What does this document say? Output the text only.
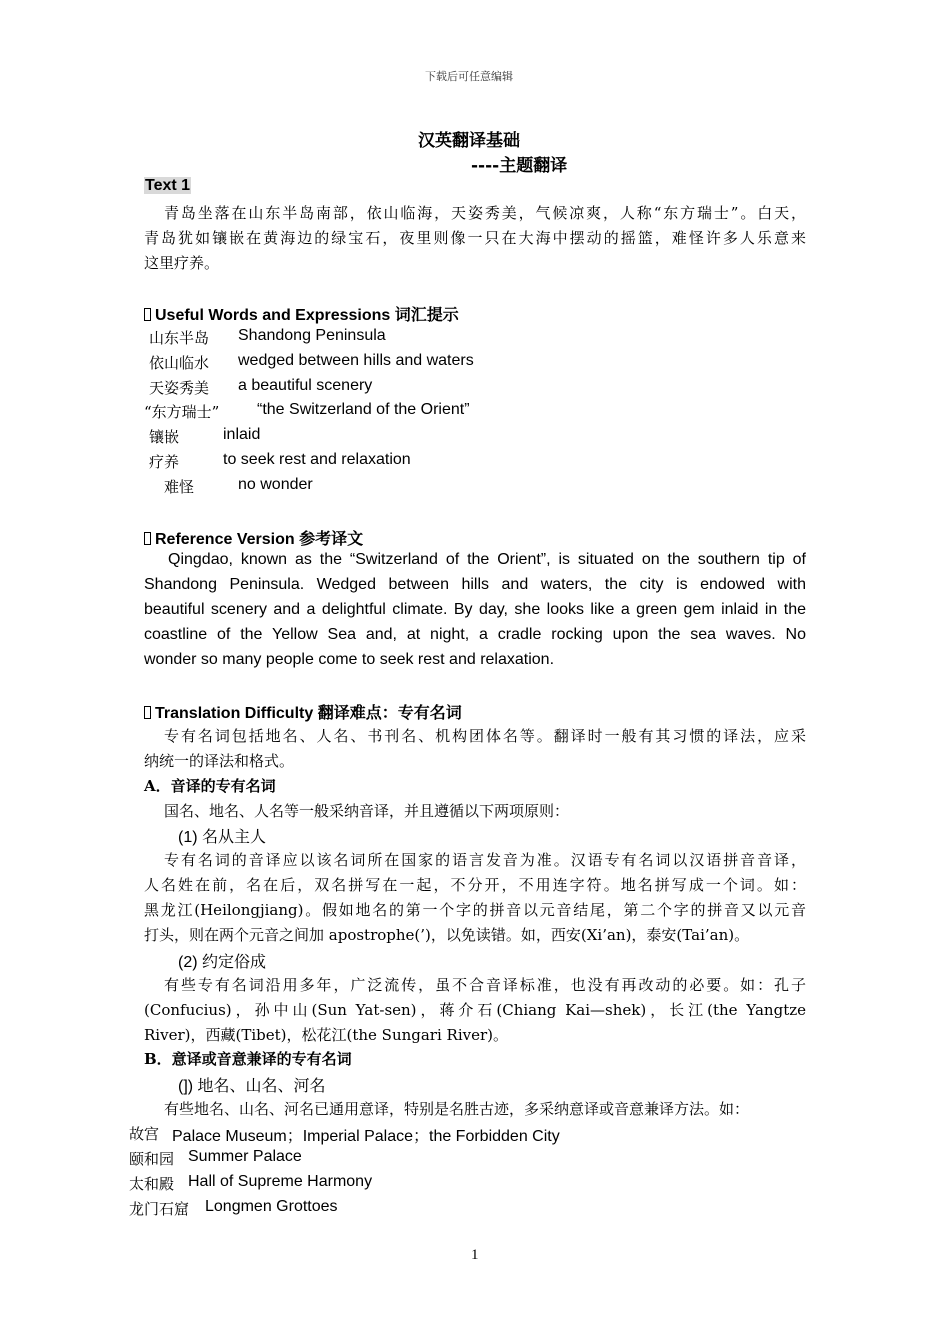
下载后可任意编辑
汉英翻译基础
----主题翻译
Text 1
青岛坐落在山东半岛南部，依山临海，天姿秀美，气候凉爽，人称“东方瑞士”。白天，
青岛犹如镶嵌在黄海边的绿宝石，夜里则像一只在大海中摆动的摇篮，难怪许多人乐意来
这里疗养。
Useful Words and Expressions 词汇提示
山东半岛 Shandong Peninsula
依山临水 wedged between hills and waters
天姿秀美 a beautiful scenery
“东方瑞士” “the Switzerland of the Orient”
镶嵌	inlaid
疗养	to seek rest and relaxation
难怪	no wonder
Reference Version 参考译文
Qingdao, known as the “Switzerland of the Orient”, is situated on the southern tip of
Shandong Peninsula. Wedged between hills and waters, the city is endowed with
beautiful scenery and a delightful climate. By day, she looks like a green gem inlaid in the
coastline of the Yellow Sea and, at night, a cradle rocking upon the sea waves. No
wonder so many people come to seek rest and relaxation.
Translation Difficulty 翻译难点：专有名词
专有名词包括地名、人名、书刊名、机构团体名等。翻译时一般有其习惯的译法，应采
纳统一的译法和格式。
A．音译的专有名词
国名、地名、人名等一般采纳音译，并且遵循以下两项原则：
(1) 名从主人
专有名词的音译应以该名词所在国家的语言发音为准。汉语专有名词以汉语拼音音译，
人名姓在前，名在后，双名拼写在一起，不分开，不用连字符。地名拼写成一个词。如：
黑龙江(Heilongjiang)。假如地名的第一个字的拼音以元音结尾，第二个字的拼音又以元音
打头，则在两个元音之间加 apostrophe(’)，以免读错。如，西安(Xi’an)，泰安(Tai’an)。
(2) 约定俗成
有些专有名词沿用多年，广泛流传，虽不合音译标准，也没有再改动的必要。如：孔子
(Confucius)，孙中山(Sun Yat-sen)，蒋介石(Chiang Kai—shek)，长江(the Yangtze
River)，西藏(Tibet)，松花江(the Sungari River)。
B．意译或音意兼译的专有名词
(]) 地名、山名、河名
有些地名、山名、河名已通用意译，特别是名胜古迹，多采纳意译或音意兼译方法。如：
故宫 Palace Museum；Imperial Palace；the Forbidden City
颐和园 Summer Palace
太和殿 Hall of Supreme Harmony
龙门石窟 Longmen Grottoes
1
